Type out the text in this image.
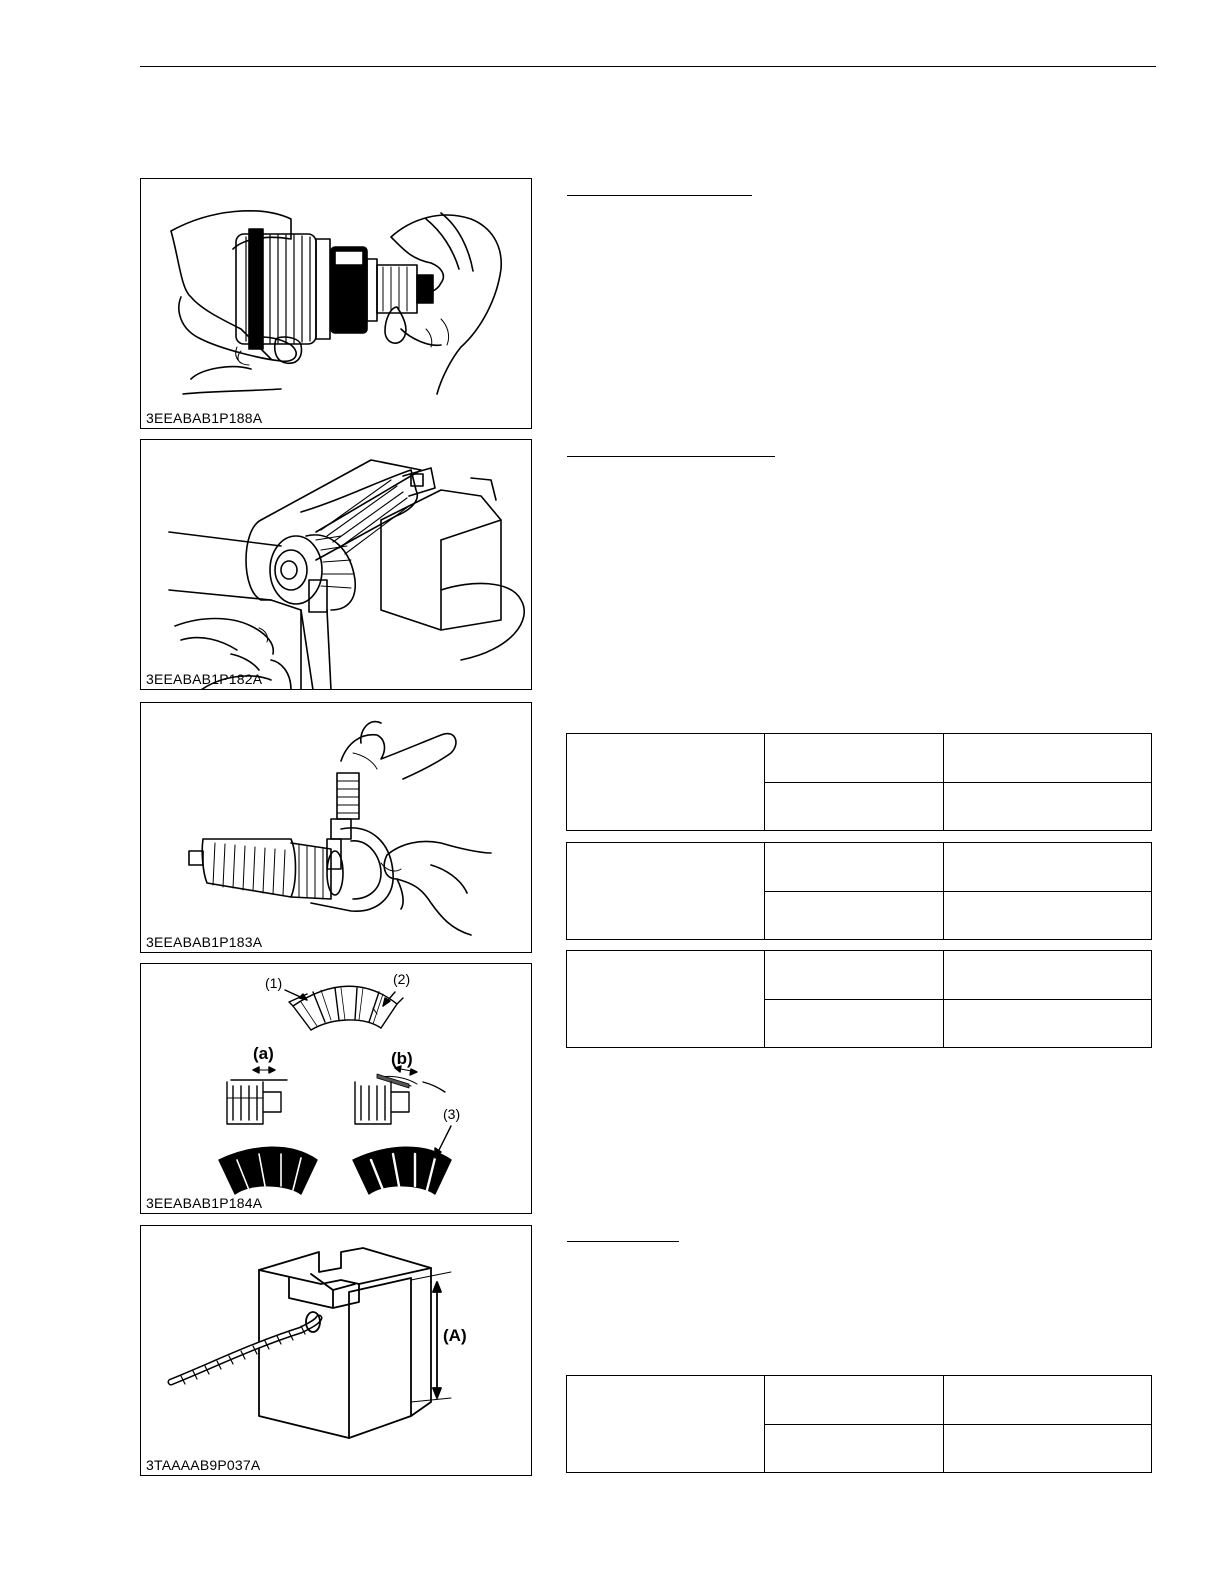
3EEABAB1P188A
3EEABAB1P182A
3EEABAB1P183A
(1)	(2)
(a)	(b)
(3)
3EEABAB1P184A
(A)
3TAAAAB9P037A
